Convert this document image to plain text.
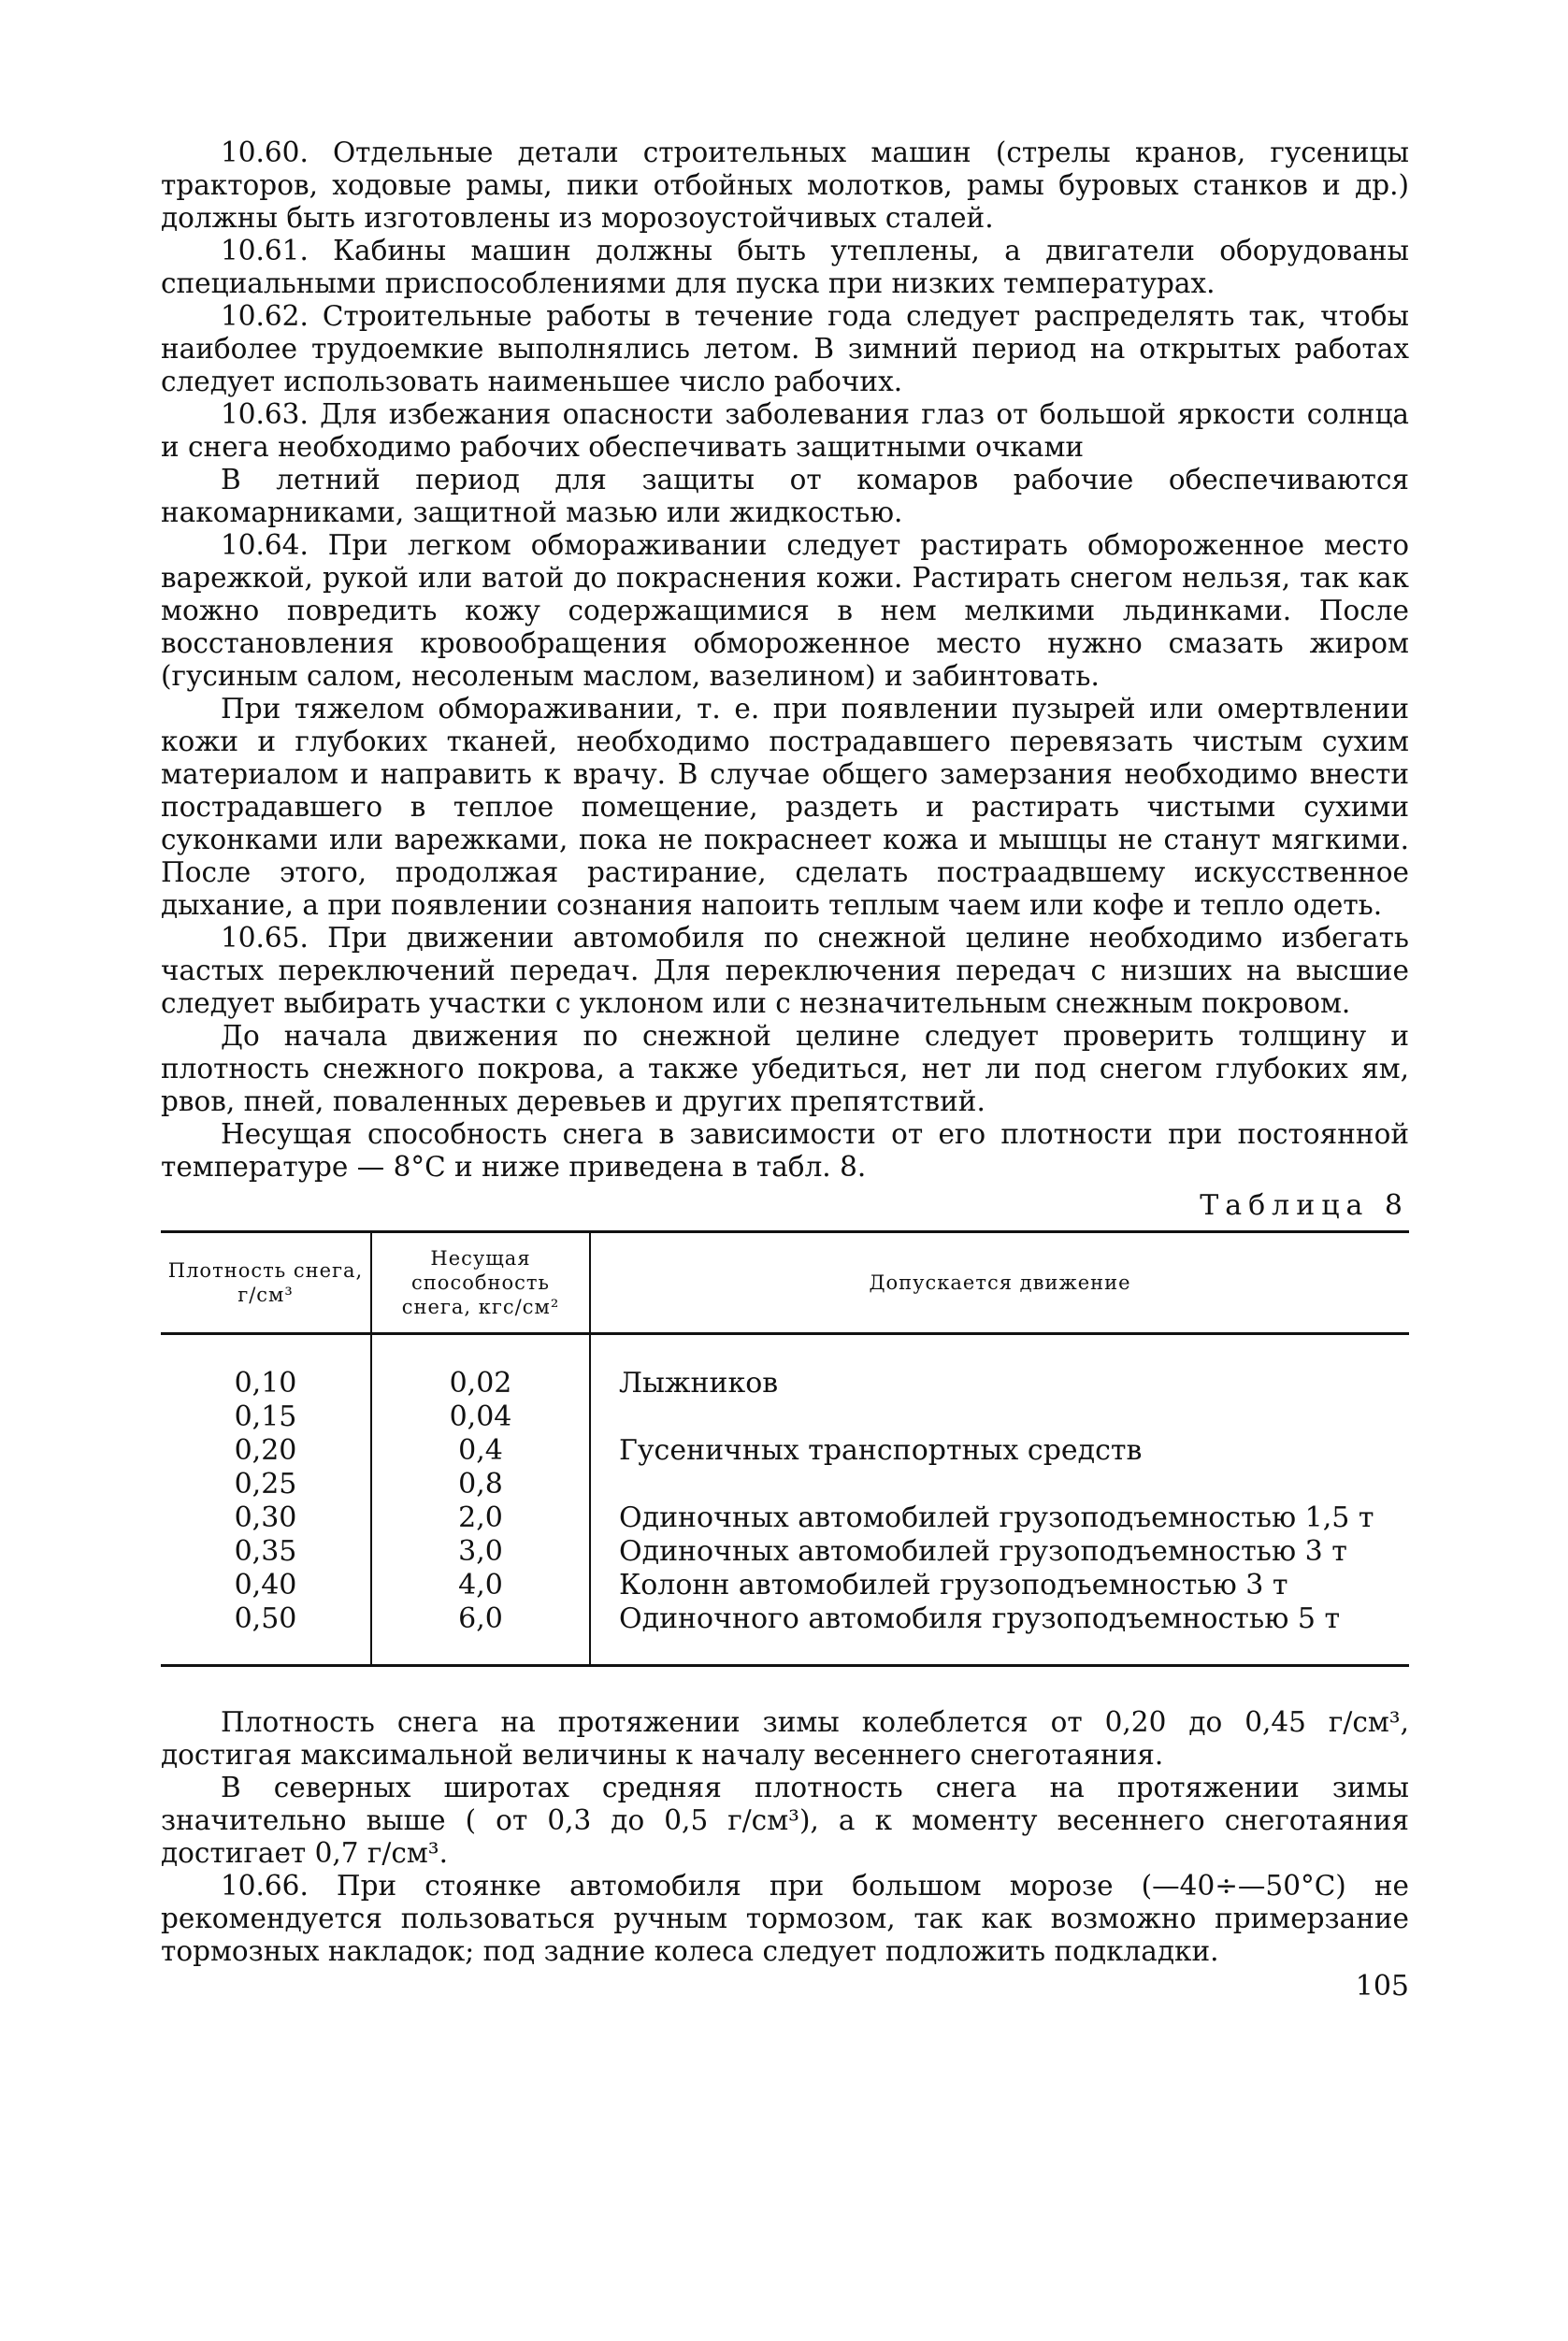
10.60. Отдельные детали строительных машин (стрелы кранов, гусеницы тракторов, ходовые рамы, пики отбойных молотков, рамы буровых станков и др.) должны быть изготовлены из морозоустойчивых сталей.

10.61. Кабины машин должны быть утеплены, а двигатели оборудованы специальными приспособлениями для пуска при низких температурах.

10.62. Строительные работы в течение года следует распределять так, чтобы наиболее трудоемкие выполнялись летом. В зимний период на открытых работах следует использовать наименьшее число рабочих.

10.63. Для избежания опасности заболевания глаз от большой яркости солнца и снега необходимо рабочих обеспечивать защитными очками

В летний период для защиты от комаров рабочие обеспечиваются накомарниками, защитной мазью или жидкостью.

10.64. При легком обмораживании следует растирать обмороженное место варежкой, рукой или ватой до покраснения кожи. Растирать снегом нельзя, так как можно повредить кожу содержащимися в нем мелкими льдинками. После восстановления кровообращения обмороженное место нужно смазать жиром (гусиным салом, несоленым маслом, вазелином) и забинтовать.

При тяжелом обмораживании, т. е. при появлении пузырей или омертвлении кожи и глубоких тканей, необходимо пострадавшего перевязать чистым сухим материалом и направить к врачу. В случае общего замерзания необходимо внести пострадавшего в теплое помещение, раздеть и растирать чистыми сухими суконками или варежками, пока не покраснеет кожа и мышцы не станут мягкими. После этого, продолжая растирание, сделать постраадвшему искусственное дыхание, а при появлении сознания напоить теплым чаем или кофе и тепло одеть.

10.65. При движении автомобиля по снежной целине необходимо избегать частых переключений передач. Для переключения передач с низших на высшие следует выбирать участки с уклоном или с незначительным снежным покровом.

До начала движения по снежной целине следует проверить толщину и плотность снежного покрова, а также убедиться, нет ли под снегом глубоких ям, рвов, пней, поваленных деревьев и других препятствий.

Несущая способность снега в зависимости от его плотности при постоянной температуре — 8°С и ниже приведена в табл. 8.

Таблица 8
Плотность снега, г/см³	Несущая способность снега, кгс/см²	Допускается движение
0,10	0,02	Лыжников
0,15	0,04	
0,20	0,4	Гусеничных транспортных средств
0,25	0,8	
0,30	2,0	Одиночных автомобилей грузоподъемностью 1,5 т
0,35	3,0	Одиночных автомобилей грузоподъемностью 3 т
0,40	4,0	Колонн автомобилей грузоподъемностью 3 т
0,50	6,0	Одиночного автомобиля грузоподъемностью 5 т

Плотность снега на протяжении зимы колеблется от 0,20 до 0,45 г/см³, достигая максимальной величины к началу весеннего снеготаяния.

В северных широтах средняя плотность снега на протяжении зимы значительно выше ( от 0,3 до 0,5 г/см³), а к моменту весеннего снеготаяния достигает 0,7 г/см³.

10.66. При стоянке автомобиля при большом морозе (—40÷—50°С) не рекомендуется пользоваться ручным тормозом, так как возможно примерзание тормозных накладок; под задние колеса следует подложить подкладки.

105
